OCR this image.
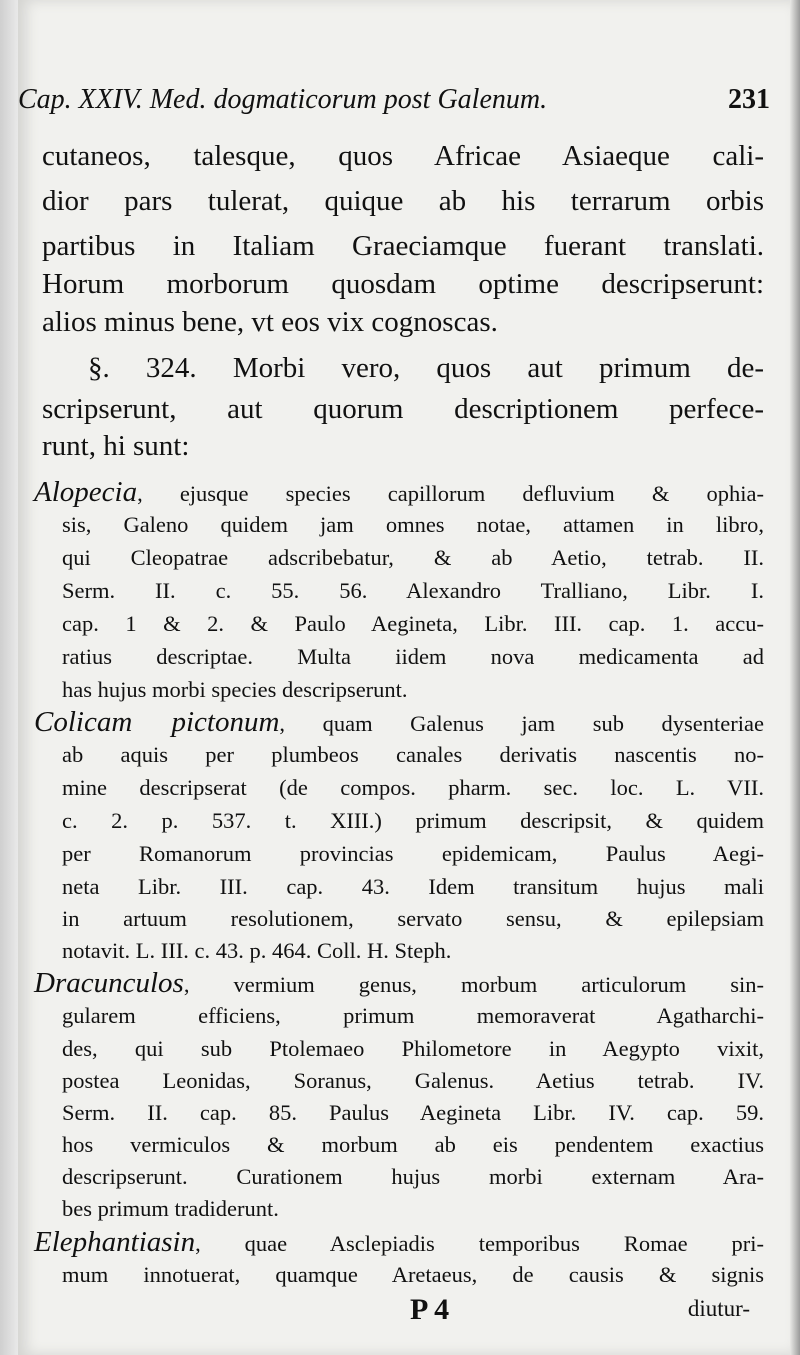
Cap. XXIV. Med. dogmaticorum post Galenum.	231
cutaneos, talesque, quos Africae Asiaeque cali-
dior pars tulerat, quique ab his terrarum orbis
partibus in Italiam Graeciamque fuerant translati.
Horum morborum quosdam optime descripserunt:
alios minus bene, vt eos vix cognoscas.
§. 324. Morbi vero, quos aut primum de-
scripserunt, aut quorum descriptionem perfece-
runt, hi sunt:
Alopecia, ejusque species capillorum defluvium & ophia-
sis, Galeno quidem jam omnes notae, attamen in libro,
qui Cleopatrae adscribebatur, & ab Aetio, tetrab. II.
Serm. II. c. 55. 56. Alexandro Tralliano, Libr. I.
cap. 1 & 2. & Paulo Aegineta, Libr. III. cap. 1. accu-
ratius descriptae. Multa iidem nova medicamenta ad
has hujus morbi species descripserunt.
Colicam pictonum, quam Galenus jam sub dysenteriae
ab aquis per plumbeos canales derivatis nascentis no-
mine descripserat (de compos. pharm. sec. loc. L. VII.
c. 2. p. 537. t. XIII.) primum descripsit, & quidem
per Romanorum provincias epidemicam, Paulus Aegi-
neta Libr. III. cap. 43. Idem transitum hujus mali
in artuum resolutionem, servato sensu, & epilepsiam
notavit. L. III. c. 43. p. 464. Coll. H. Steph.
Dracunculos, vermium genus, morbum articulorum sin-
gularem efficiens, primum memoraverat Agatharchi-
des, qui sub Ptolemaeo Philometore in Aegypto vixit,
postea Leonidas, Soranus, Galenus. Aetius tetrab. IV.
Serm. II. cap. 85. Paulus Aegineta Libr. IV. cap. 59.
hos vermiculos & morbum ab eis pendentem exactius
descripserunt. Curationem hujus morbi externam Ara-
bes primum tradiderunt.
Elephantiasin, quae Asclepiadis temporibus Romae pri-
mum innotuerat, quamque Aretaeus, de causis & signis
P 4	diutur-
